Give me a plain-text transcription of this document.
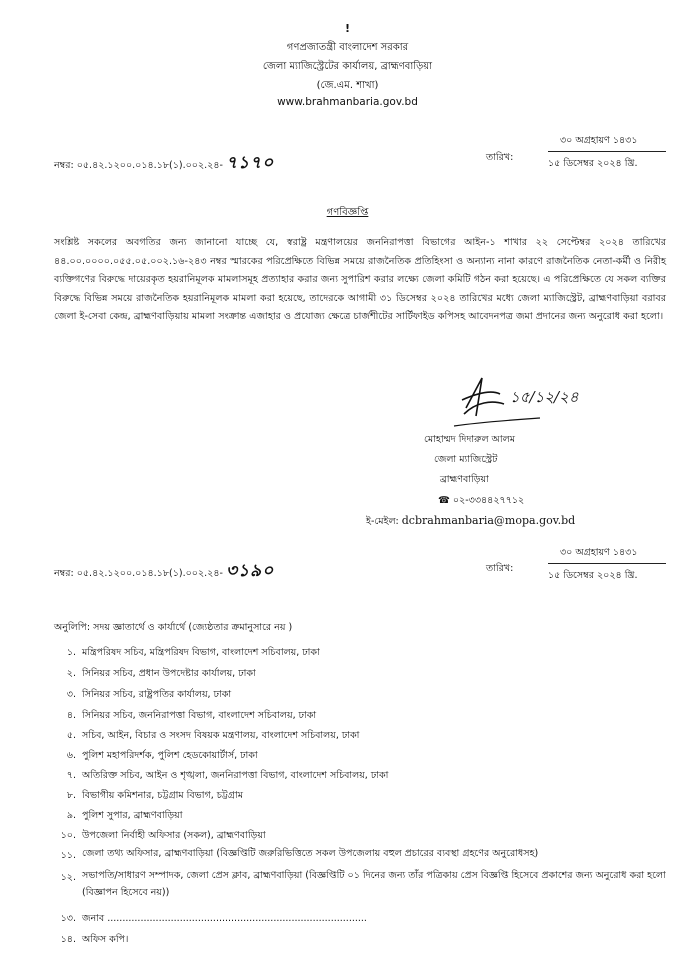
!
গণপ্রজাতন্ত্রী বাংলাদেশ সরকার
জেলা ম্যাজিস্ট্রেটের কার্যালয়, ব্রাহ্মণবাড়িয়া
(জে.এম. শাখা)
www.brahmanbaria.gov.bd
নম্বর: ০৫.৪২.১২০০.০১৪.১৮(১).০০২.২৪- ৭১৭০	তারিখ:
৩০ অগ্রহায়ণ ১৪৩১
১৫ ডিসেম্বর ২০২৪ খ্রি.
গণবিজ্ঞপ্তি
সংশ্লিষ্ট সকলের অবগতির জন্য জানানো যাচ্ছে যে, স্বরাষ্ট্র মন্ত্রণালয়ের জননিরাপত্তা বিভাগের আইন-১ শাখার ২২ সেপ্টেম্বর ২০২৪ তারিখের ৪৪.০০.০০০০.০৫৫.০৫.০০২.১৬-২৪৩ নম্বর স্মারকের পরিপ্রেক্ষিতে বিভিন্ন সময়ে রাজনৈতিক প্রতিহিংসা ও অন্যান্য নানা কারণে রাজনৈতিক নেতা-কর্মী ও নিরীহ ব্যক্তিগণের বিরুদ্ধে দায়েরকৃত হয়রানিমূলক মামলাসমূহ প্রত্যাহার করার জন্য সুপারিশ করার লক্ষ্যে জেলা কমিটি গঠন করা হয়েছে। এ পরিপ্রেক্ষিতে যে সকল ব্যক্তির বিরুদ্ধে বিভিন্ন সময়ে রাজনৈতিক হয়রানিমূলক মামলা করা হয়েছে, তাদেরকে আগামী ৩১ ডিসেম্বর ২০২৪ তারিখের মধ্যে জেলা ম্যাজিস্ট্রেট, ব্রাহ্মণবাড়িয়া বরাবর জেলা ই-সেবা কেন্দ্র, ব্রাহ্মণবাড়িয়ায় মামলা সংক্রান্ত এজাহার ও প্রযোজ্য ক্ষেত্রে চার্জশীটের সার্টিফাইড কপিসহ আবেদনপত্র জমা প্রদানের জন্য অনুরোধ করা হলো।
১৫/১২/২৪
মোহাম্মদ দিদারুল আলম
জেলা ম্যাজিস্ট্রেট
ব্রাহ্মণবাড়িয়া
☎ ০২-৩৩৪৪২৭৭১২
ই-মেইল: dcbrahmanbaria@mopa.gov.bd
নম্বর: ০৫.৪২.১২০০.০১৪.১৮(১).০০২.২৪- ৩১৯০	তারিখ:
৩০ অগ্রহায়ণ ১৪৩১
১৫ ডিসেম্বর ২০২৪ খ্রি.
অনুলিপি: সদয় জ্ঞাতার্থে ও কার্যার্থে (জ্যেষ্ঠতার ক্রমানুসারে নয় )
১. মন্ত্রিপরিষদ সচিব, মন্ত্রিপরিষদ বিভাগ, বাংলাদেশ সচিবালয়, ঢাকা
২. সিনিয়র সচিব, প্রধান উপদেষ্টার কার্যালয়, ঢাকা
৩. সিনিয়র সচিব, রাষ্ট্রপতির কার্যালয়, ঢাকা
৪. সিনিয়র সচিব, জননিরাপত্তা বিভাগ, বাংলাদেশ সচিবালয়, ঢাকা
৫. সচিব, আইন, বিচার ও সংসদ বিষয়ক মন্ত্রণালয়, বাংলাদেশ সচিবালয়, ঢাকা
৬. পুলিশ মহাপরিদর্শক, পুলিশ হেডকোয়ার্টার্স, ঢাকা
৭. অতিরিক্ত সচিব, আইন ও শৃঙ্খলা, জননিরাপত্তা বিভাগ, বাংলাদেশ সচিবালয়, ঢাকা
৮. বিভাগীয় কমিশনার, চট্টগ্রাম বিভাগ, চট্টগ্রাম
৯. পুলিশ সুপার, ব্রাহ্মণবাড়িয়া
১০. উপজেলা নির্বাহী অফিসার (সকল), ব্রাহ্মণবাড়িয়া
১১. জেলা তথ্য অফিসার, ব্রাহ্মণবাড়িয়া (বিজ্ঞপ্তিটি জরুরিভিত্তিতে সকল উপজেলায় বহুল প্রচারের ব্যবস্থা গ্রহণের অনুরোধসহ)
১২. সভাপতি/সাধারণ সম্পাদক, জেলা প্রেস ক্লাব, ব্রাহ্মণবাড়িয়া (বিজ্ঞপ্তিটি ০১ দিনের জন্য তাঁর পত্রিকায় প্রেস বিজ্ঞপ্তি হিসেবে প্রকাশের জন্য অনুরোধ করা হলো (বিজ্ঞাপন হিসেবে নয়))
১৩. জনাব ......................................................................................
১৪. অফিস কপি।
